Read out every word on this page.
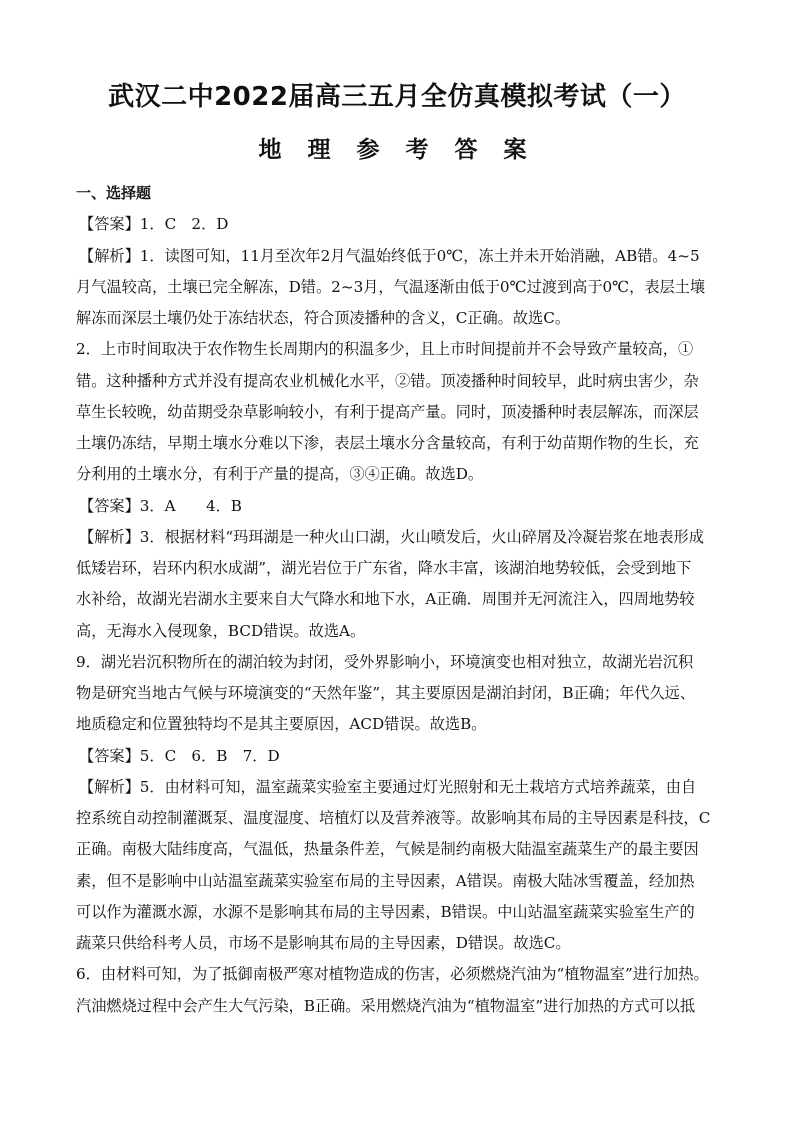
武汉二中2022届高三五月全仿真模拟考试（一）
地 理 参 考 答 案
一、选择题
【答案】1．C　2．D
【解析】1．读图可知，11月至次年2月气温始终低于0℃，冻土并未开始消融，AB错。4~5
月气温较高，土壤已完全解冻，D错。2~3月，气温逐渐由低于0℃过渡到高于0℃，表层土壤
解冻而深层土壤仍处于冻结状态，符合顶凌播种的含义，C正确。故选C。
2．上市时间取决于农作物生长周期内的积温多少，且上市时间提前并不会导致产量较高，①
错。这种播种方式并没有提高农业机械化水平，②错。顶凌播种时间较早，此时病虫害少，杂
草生长较晚，幼苗期受杂草影响较小，有利于提高产量。同时，顶凌播种时表层解冻，而深层
土壤仍冻结，早期土壤水分难以下渗，表层土壤水分含量较高，有利于幼苗期作物的生长，充
分利用的土壤水分，有利于产量的提高，③④正确。故选D。
【答案】3．A　　4．B
【解析】3．根据材料“玛珥湖是一种火山口湖，火山喷发后，火山碎屑及冷凝岩浆在地表形成
低矮岩环，岩环内积水成湖”，湖光岩位于广东省，降水丰富，该湖泊地势较低，会受到地下
水补给，故湖光岩湖水主要来自大气降水和地下水，A正确．周围并无河流注入，四周地势较
高，无海水入侵现象，BCD错误。故选A。
9．湖光岩沉积物所在的湖泊较为封闭，受外界影响小，环境演变也相对独立，故湖光岩沉积
物是研究当地古气候与环境演变的“天然年鉴”，其主要原因是湖泊封闭，B正确；年代久远、
地质稳定和位置独特均不是其主要原因，ACD错误。故选B。
【答案】5．C　6．B　7．D
【解析】5．由材料可知，温室蔬菜实验室主要通过灯光照射和无土栽培方式培养蔬菜，由自
控系统自动控制灌溉泵、温度湿度、培植灯以及营养液等。故影响其布局的主导因素是科技，C
正确。南极大陆纬度高，气温低，热量条件差，气候是制约南极大陆温室蔬菜生产的最主要因
素，但不是影响中山站温室蔬菜实验室布局的主导因素，A错误。南极大陆冰雪覆盖，经加热
可以作为灌溉水源，水源不是影响其布局的主导因素，B错误。中山站温室蔬菜实验室生产的
蔬菜只供给科考人员，市场不是影响其布局的主导因素，D错误。故选C。
6．由材料可知，为了抵御南极严寒对植物造成的伤害，必须燃烧汽油为“植物温室”进行加热。
汽油燃烧过程中会产生大气污染，B正确。采用燃烧汽油为“植物温室”进行加热的方式可以抵
